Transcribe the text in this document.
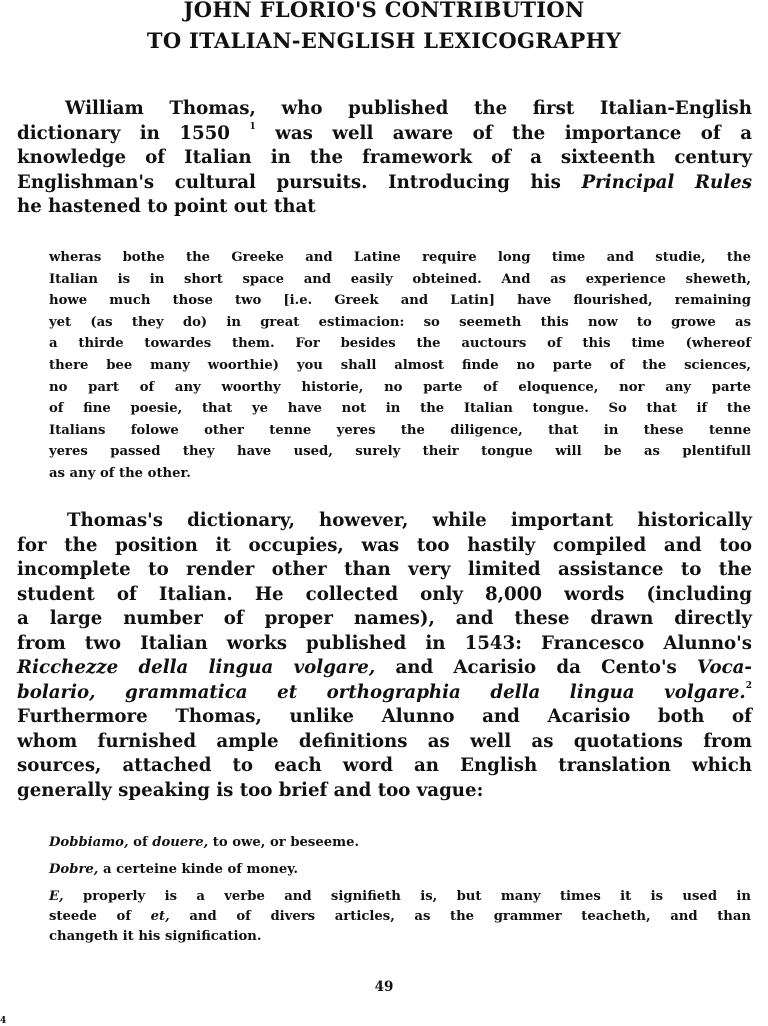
JOHN FLORIO'S CONTRIBUTION
TO ITALIAN-ENGLISH LEXICOGRAPHY
William Thomas, who published the first Italian-English
dictionary in 1550 $^1$ was well aware of the importance of a
knowledge of Italian in the framework of a sixteenth century
Englishman's cultural pursuits. Introducing his Principal Rules
he hastened to point out that
wheras bothe the Greeke and Latine require long time and studie, the
Italian is in short space and easily obteined. And as experience sheweth,
howe much those two [i.e. Greek and Latin] have flourished, remaining
yet (as they do) in great estimacion: so seemeth this now to growe as
a thirde towardes them. For besides the auctours of this time (whereof
there bee many woorthie) you shall almost finde no parte of the sciences,
no part of any woorthy historie, no parte of eloquence, nor any parte
of fine poesie, that ye have not in the Italian tongue. So that if the
Italians folowe other tenne yeres the diligence, that in these tenne
yeres passed they have used, surely their tongue will be as plentifull
as any of the other.
Thomas's dictionary, however, while important historically
for the position it occupies, was too hastily compiled and too
incomplete to render other than very limited assistance to the
student of Italian. He collected only 8,000 words (including
a large number of proper names), and these drawn directly
from two Italian works published in 1543: Francesco Alunno's
Ricchezze della lingua volgare, and Acarisio da Cento's Voca-
bolario, grammatica et orthographia della lingua volgare.$^2$
Furthermore Thomas, unlike Alunno and Acarisio both of
whom furnished ample definitions as well as quotations from
sources, attached to each word an English translation which
generally speaking is too brief and too vague:
Dobbiamo, of douere, to owe, or beseeme.
Dobre, a certeine kinde of money.
E, properly is a verbe and signifieth is, but many times it is used in
steede of et, and of divers articles, as the grammer teacheth, and than
changeth it his signification.
49
4
